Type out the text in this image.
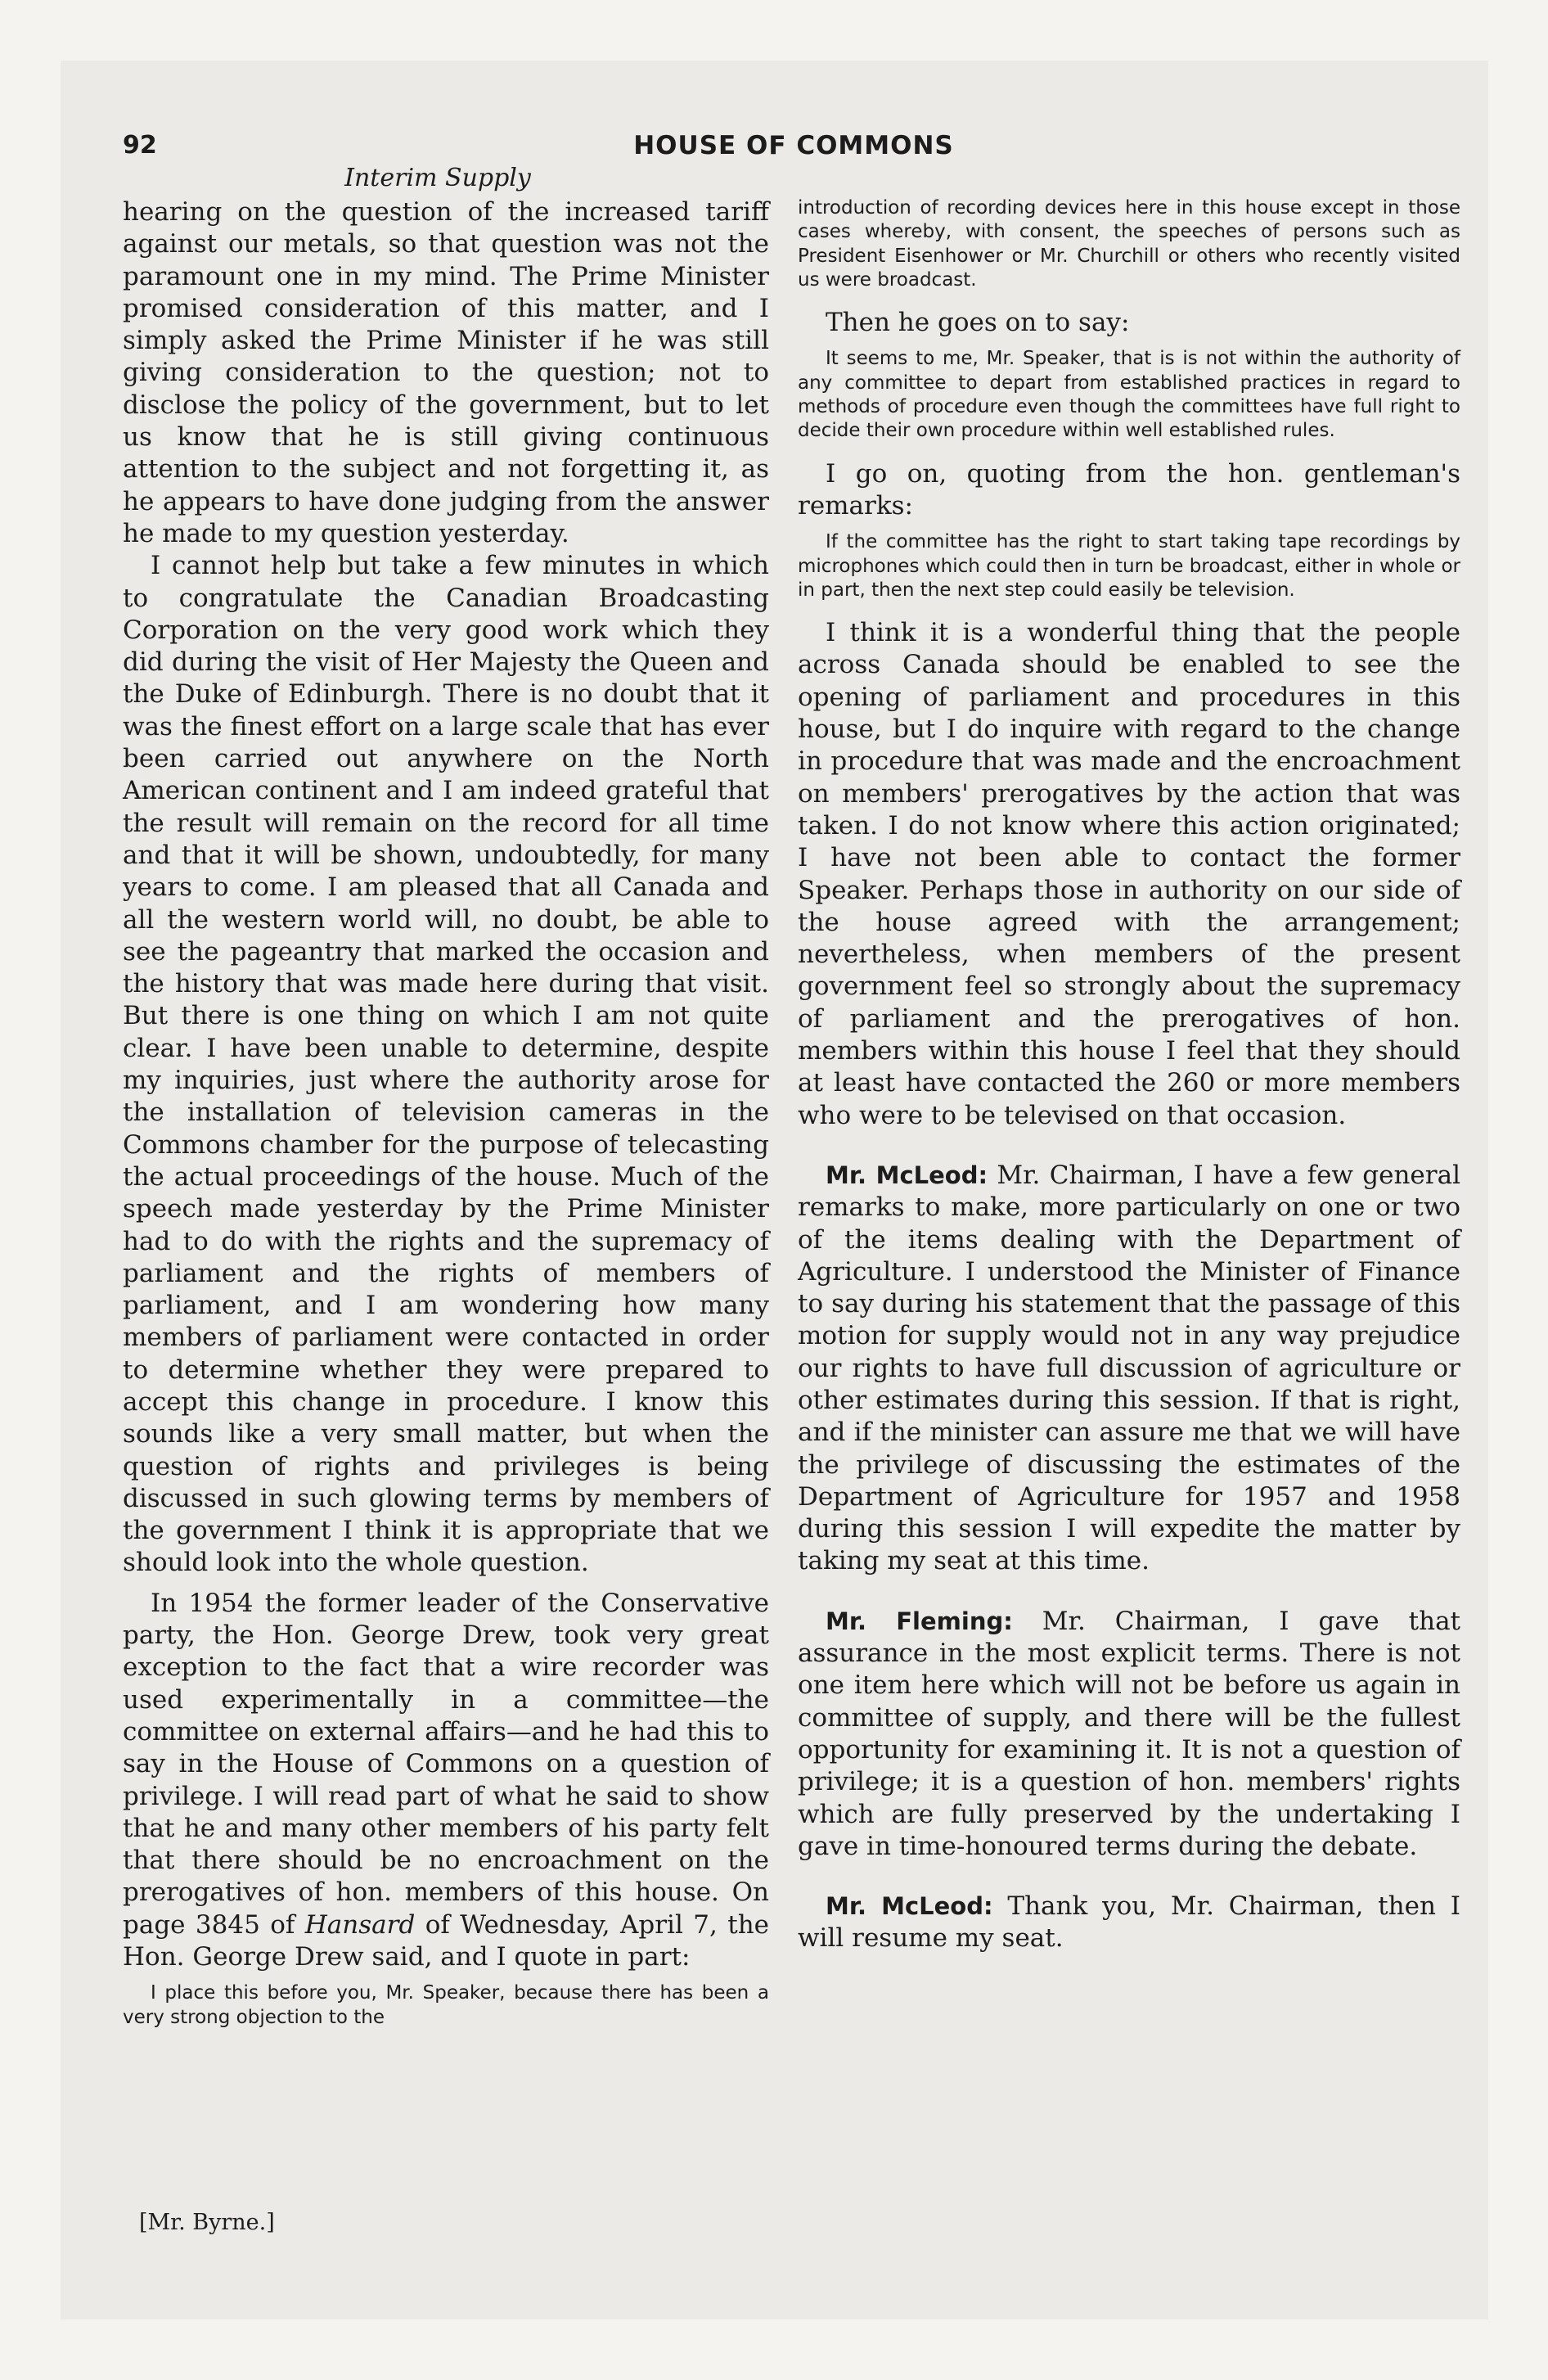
92	HOUSE OF COMMONS
Interim Supply

hearing on the question of the increased tariff against our metals, so that question was not the paramount one in my mind. The Prime Minister promised consideration of this matter, and I simply asked the Prime Minister if he was still giving consideration to the question; not to disclose the policy of the government, but to let us know that he is still giving continuous attention to the subject and not forgetting it, as he appears to have done judging from the answer he made to my question yesterday.

I cannot help but take a few minutes in which to congratulate the Canadian Broadcasting Corporation on the very good work which they did during the visit of Her Majesty the Queen and the Duke of Edinburgh. There is no doubt that it was the finest effort on a large scale that has ever been carried out anywhere on the North American continent and I am indeed grateful that the result will remain on the record for all time and that it will be shown, undoubtedly, for many years to come. I am pleased that all Canada and all the western world will, no doubt, be able to see the pageantry that marked the occasion and the history that was made here during that visit. But there is one thing on which I am not quite clear. I have been unable to determine, despite my inquiries, just where the authority arose for the installation of television cameras in the Commons chamber for the purpose of telecasting the actual proceedings of the house. Much of the speech made yesterday by the Prime Minister had to do with the rights and the supremacy of parliament and the rights of members of parliament, and I am wondering how many members of parliament were contacted in order to determine whether they were prepared to accept this change in procedure. I know this sounds like a very small matter, but when the question of rights and privileges is being discussed in such glowing terms by members of the government I think it is appropriate that we should look into the whole question.

In 1954 the former leader of the Conservative party, the Hon. George Drew, took very great exception to the fact that a wire recorder was used experimentally in a committee—the committee on external affairs—and he had this to say in the House of Commons on a question of privilege. I will read part of what he said to show that he and many other members of his party felt that there should be no encroachment on the prerogatives of hon. members of this house. On page 3845 of Hansard of Wednesday, April 7, the Hon. George Drew said, and I quote in part:

I place this before you, Mr. Speaker, because there has been a very strong objection to the

[Mr. Byrne.]

introduction of recording devices here in this house except in those cases whereby, with consent, the speeches of persons such as President Eisenhower or Mr. Churchill or others who recently visited us were broadcast.

Then he goes on to say:

It seems to me, Mr. Speaker, that is is not within the authority of any committee to depart from established practices in regard to methods of procedure even though the committees have full right to decide their own procedure within well established rules.

I go on, quoting from the hon. gentleman's remarks:

If the committee has the right to start taking tape recordings by microphones which could then in turn be broadcast, either in whole or in part, then the next step could easily be television.

I think it is a wonderful thing that the people across Canada should be enabled to see the opening of parliament and procedures in this house, but I do inquire with regard to the change in procedure that was made and the encroachment on members' prerogatives by the action that was taken. I do not know where this action originated; I have not been able to contact the former Speaker. Perhaps those in authority on our side of the house agreed with the arrangement; nevertheless, when members of the present government feel so strongly about the supremacy of parliament and the prerogatives of hon. members within this house I feel that they should at least have contacted the 260 or more members who were to be televised on that occasion.

Mr. McLeod: Mr. Chairman, I have a few general remarks to make, more particularly on one or two of the items dealing with the Department of Agriculture. I understood the Minister of Finance to say during his statement that the passage of this motion for supply would not in any way prejudice our rights to have full discussion of agriculture or other estimates during this session. If that is right, and if the minister can assure me that we will have the privilege of discussing the estimates of the Department of Agriculture for 1957 and 1958 during this session I will expedite the matter by taking my seat at this time.

Mr. Fleming: Mr. Chairman, I gave that assurance in the most explicit terms. There is not one item here which will not be before us again in committee of supply, and there will be the fullest opportunity for examining it. It is not a question of privilege; it is a question of hon. members' rights which are fully preserved by the undertaking I gave in time-honoured terms during the debate.

Mr. McLeod: Thank you, Mr. Chairman, then I will resume my seat.
